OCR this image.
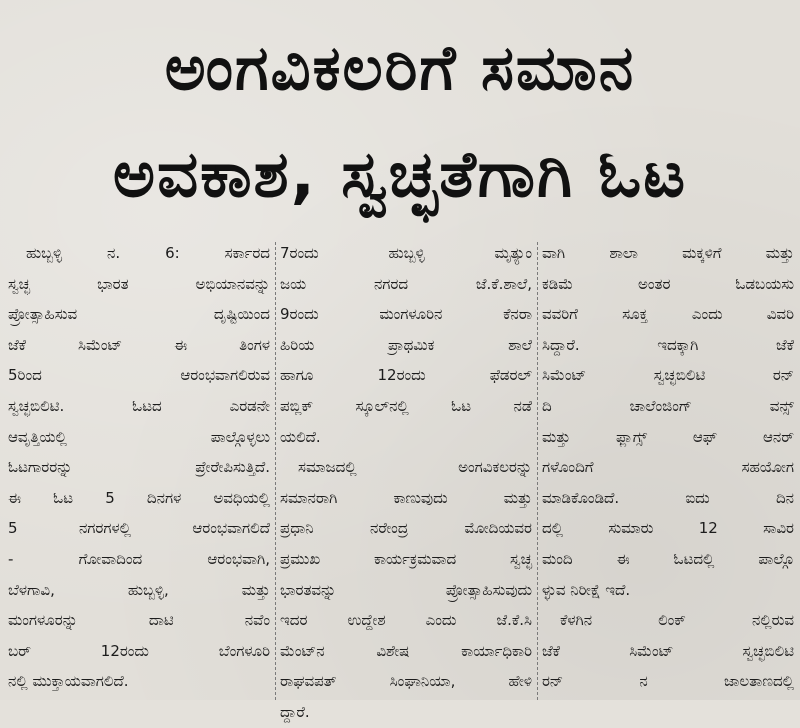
ಅಂಗವಿಕಲರಿಗೆ ಸಮಾನ
ಅವಕಾಶ, ಸ್ವಚ್ಛತೆಗಾಗಿ ಓಟ
ಹುಬ್ಬಳ್ಳಿ ನ. 6: ಸರ್ಕಾರದ
ಸ್ವಚ್ಛ ಭಾರತ ಅಭಿಯಾನವನ್ನು
ಪ್ರೋತ್ಸಾಹಿಸುವ ದೃಷ್ಟಿಯಿಂದ
ಜೆಕೆ ಸಿಮೆಂಟ್ ಈ ತಿಂಗಳ
5ರಿಂದ ಆರಂಭವಾಗಲಿರುವ
ಸ್ವಚ್ಛಬಿಲಿಟಿ. ಓಟದ ಎರಡನೇ
ಆವೃತ್ತಿಯಲ್ಲಿ ಪಾಲ್ಗೊಳ್ಳಲು
ಓಟಗಾರರನ್ನು ಪ್ರೇರೇಪಿಸುತ್ತಿದೆ.
ಈ ಓಟ 5 ದಿನಗಳ ಅವಧಿಯಲ್ಲಿ
5 ನಗರಗಳಲ್ಲಿ ಆರಂಭವಾಗಲಿದೆ
- ಗೋವಾದಿಂದ ಆರಂಭವಾಗಿ,
ಬೆಳಗಾವಿ, ಹುಬ್ಬಳ್ಳಿ, ಮತ್ತು
ಮಂಗಳೂರನ್ನು ದಾಟಿ ನವೆಂ
ಬರ್ 12ರಂದು ಬೆಂಗಳೂರಿ
ನಲ್ಲಿ ಮುಕ್ತಾಯವಾಗಲಿದೆ.
7ರಂದು ಹುಬ್ಬಳ್ಳಿ ಮೃತ್ಯುಂ
ಜಯ ನಗರದ ಜೆ.ಕೆ.ಶಾಲೆ,
9ರಂದು ಮಂಗಳೂರಿನ ಕೆನರಾ
ಹಿರಿಯ ಪ್ರಾಥಮಿಕ ಶಾಲೆ
ಹಾಗೂ 12ರಂದು ಫೆಡರಲ್
ಪಬ್ಲಿಕ್ ಸ್ಕೂಲ್‌ನಲ್ಲಿ ಓಟ ನಡೆ
ಯಲಿದೆ.
ಸಮಾಜದಲ್ಲಿ ಅಂಗವಿಕಲರನ್ನು
ಸಮಾನರಾಗಿ ಕಾಣುವುದು ಮತ್ತು
ಪ್ರಧಾನಿ ನರೇಂದ್ರ ಮೋದಿಯವರ
ಪ್ರಮುಖ ಕಾರ್ಯಕ್ರಮವಾದ ಸ್ವಚ್ಛ
ಭಾರತವನ್ನು ಪ್ರೋತ್ಸಾಹಿಸುವುದು
ಇದರ ಉದ್ದೇಶ ಎಂದು ಜೆ.ಕೆ.ಸಿ
ಮೆಂಟ್‌ನ ವಿಶೇಷ ಕಾರ್ಯಾಧಿಕಾರಿ
ರಾಘವಪತ್ ಸಿಂಘಾನಿಯಾ, ಹೇಳಿ
ದ್ದಾರೆ.
ವಾಗಿ ಶಾಲಾ ಮಕ್ಕಳಿಗೆ ಮತ್ತು
ಕಡಿಮೆ ಅಂತರ ಓಡಬಯಸು
ವವರಿಗೆ ಸೂಕ್ತ ಎಂದು ವಿವರಿ
ಸಿದ್ದಾರೆ. ಇದಕ್ಕಾಗಿ ಜೆಕೆ
ಸಿಮೆಂಟ್ ಸ್ವಚ್ಛಬಿಲಿಟಿ ರನ್
ದಿ ಚಾಲೆಂಜಿಂಗ್ ವನ್ಸ್
ಮತ್ತು ಫ್ಲಾಗ್ಸ್ ಆಫ್ ಆನರ್
ಗಳೊಂದಿಗೆ ಸಹಯೋಗ
ಮಾಡಿಕೊಂಡಿದೆ. ಐದು ದಿನ
ದಲ್ಲಿ ಸುಮಾರು 12 ಸಾವಿರ
ಮಂದಿ ಈ ಓಟದಲ್ಲಿ ಪಾಲ್ಗೊ
ಳ್ಳುವ ನಿರೀಕ್ಷೆ ಇದೆ.
ಕೆಳಗಿನ ಲಿಂಕ್ ನಲ್ಲಿರುವ
ಜೆಕೆ ಸಿಮೆಂಟ್ ಸ್ವಚ್ಛಬಿಲಿಟಿ
ರನ್ ನ ಜಾಲತಾಣದಲ್ಲಿ
